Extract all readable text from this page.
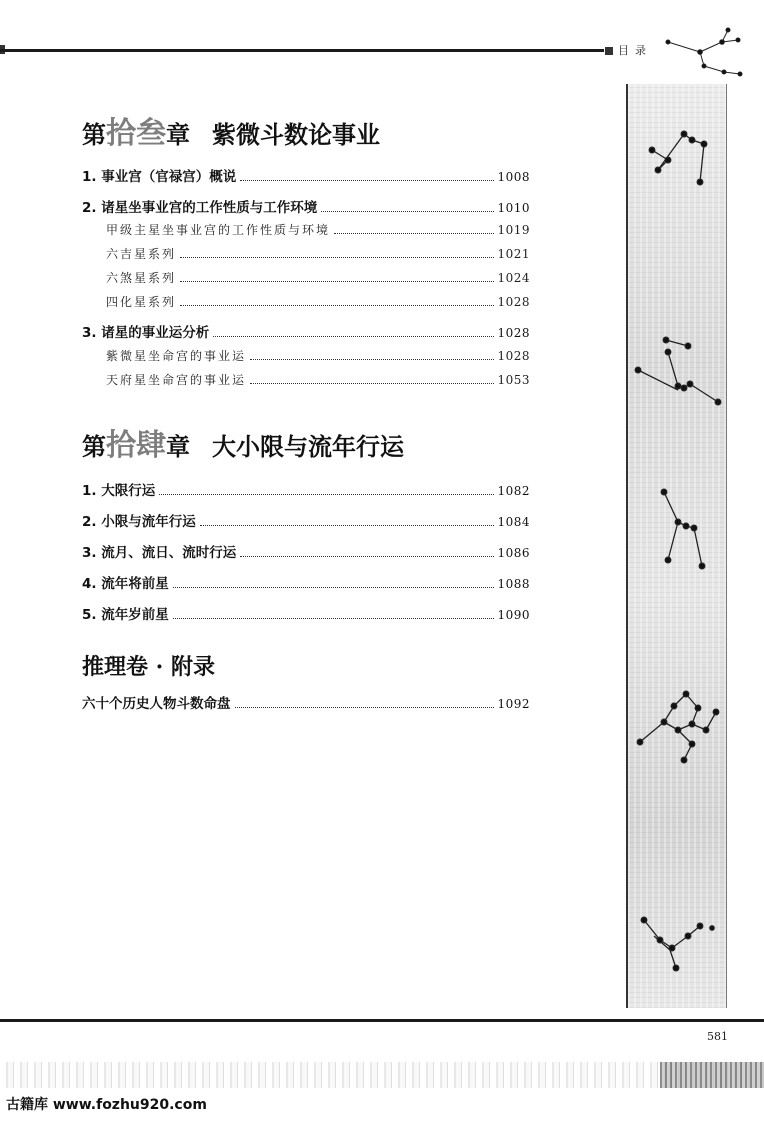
目录
第拾叁章 紫微斗数论事业
1. 事业宫（官禄宫）概说	1008
2. 诸星坐事业宫的工作性质与工作环境	1010
甲级主星坐事业宫的工作性质与环境	1019
六吉星系列	1021
六煞星系列	1024
四化星系列	1028
3. 诸星的事业运分析	1028
紫微星坐命宫的事业运	1028
天府星坐命宫的事业运	1053
第拾肆章 大小限与流年行运
1. 大限行运	1082
2. 小限与流年行运	1084
3. 流月、流日、流时行运	1086
4. 流年将前星	1088
5. 流年岁前星	1090
推理卷 · 附录
六十个历史人物斗数命盘	1092
581
古籍库 www.fozhu920.com
